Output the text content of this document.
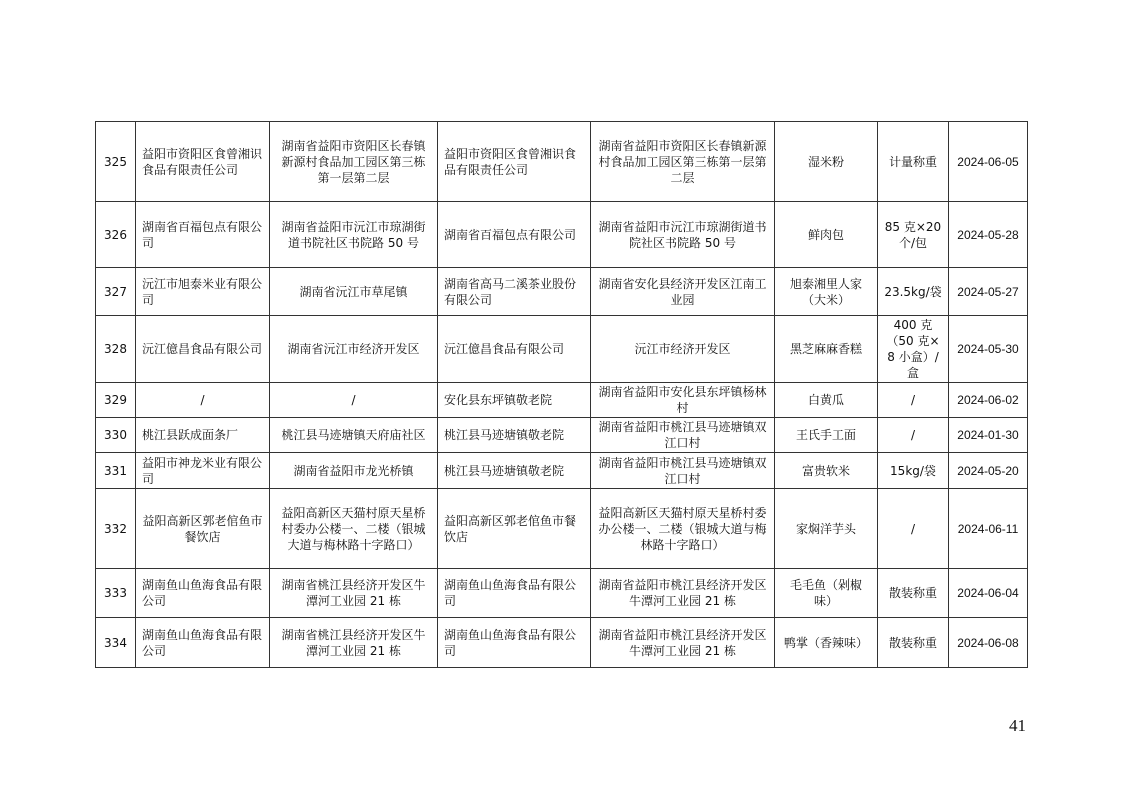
325	益阳市资阳区食曾湘识食品有限责任公司	湖南省益阳市资阳区长春镇新源村食品加工园区第三栋第一层第二层	益阳市资阳区食曾湘识食品有限责任公司	湖南省益阳市资阳区长春镇新源村食品加工园区第三栋第一层第二层	湿米粉	计量称重	2024-06-05
326	湖南省百福包点有限公司	湖南省益阳市沅江市琼湖街道书院社区书院路 50 号	湖南省百福包点有限公司	湖南省益阳市沅江市琼湖街道书院社区书院路 50 号	鲜肉包	85 克×20 个/包	2024-05-28
327	沅江市旭泰米业有限公司	湖南省沅江市草尾镇	湖南省高马二溪茶业股份有限公司	湖南省安化县经济开发区江南工业园	旭泰湘里人家（大米）	23.5kg/袋	2024-05-27
328	沅江億昌食品有限公司	湖南省沅江市经济开发区	沅江億昌食品有限公司	沅江市经济开发区	黑芝麻麻香糕	400 克（50 克×8 小盒）/盒	2024-05-30
329	/	/	安化县东坪镇敬老院	湖南省益阳市安化县东坪镇杨林村	白黄瓜	/	2024-06-02
330	桃江县跃成面条厂	桃江县马迹塘镇天府庙社区	桃江县马迹塘镇敬老院	湖南省益阳市桃江县马迹塘镇双江口村	王氏手工面	/	2024-01-30
331	益阳市神龙米业有限公司	湖南省益阳市龙光桥镇	桃江县马迹塘镇敬老院	湖南省益阳市桃江县马迹塘镇双江口村	富贵软米	15kg/袋	2024-05-20
332	益阳高新区郭老倌鱼市餐饮店	益阳高新区天猫村原天星桥村委办公楼一、二楼（银城大道与梅林路十字路口）	益阳高新区郭老倌鱼市餐饮店	益阳高新区天猫村原天星桥村委办公楼一、二楼（银城大道与梅林路十字路口）	家焖洋芋头	/	2024-06-11
333	湖南鱼山鱼海食品有限公司	湖南省桃江县经济开发区牛潭河工业园 21 栋	湖南鱼山鱼海食品有限公司	湖南省益阳市桃江县经济开发区牛潭河工业园 21 栋	毛毛鱼（剁椒味）	散装称重	2024-06-04
334	湖南鱼山鱼海食品有限公司	湖南省桃江县经济开发区牛潭河工业园 21 栋	湖南鱼山鱼海食品有限公司	湖南省益阳市桃江县经济开发区牛潭河工业园 21 栋	鸭掌（香辣味）	散装称重	2024-06-08
41
